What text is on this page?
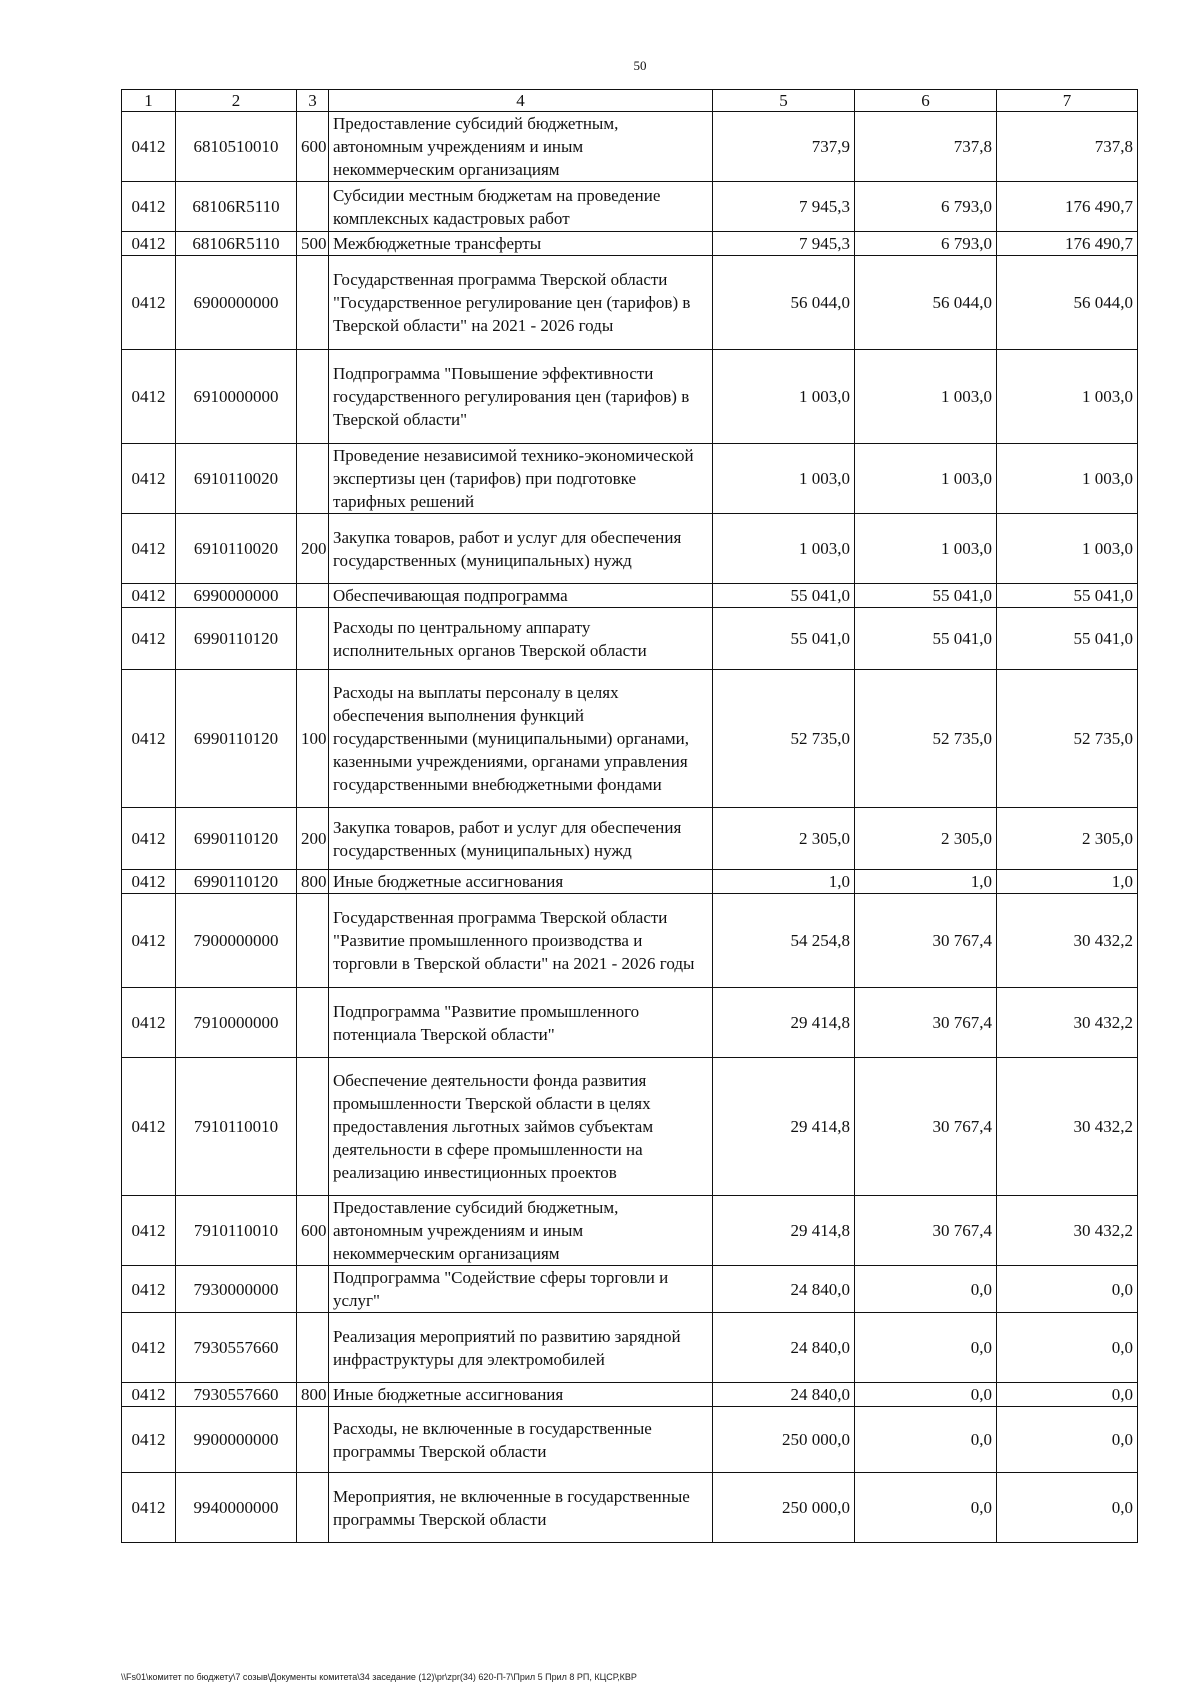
50
1	2	3	4	5	6	7
0412	6810510010	600	Предоставление субсидий бюджетным, автономным учреждениям и иным некоммерческим организациям	737,9	737,8	737,8
0412	68106R5110		Субсидии местным бюджетам на проведение комплексных кадастровых работ	7 945,3	6 793,0	176 490,7
0412	68106R5110	500	Межбюджетные трансферты	7 945,3	6 793,0	176 490,7
0412	6900000000		Государственная программа Тверской области "Государственное регулирование цен (тарифов) в Тверской области" на 2021 - 2026 годы	56 044,0	56 044,0	56 044,0
0412	6910000000		Подпрограмма "Повышение эффективности государственного регулирования цен (тарифов) в Тверской области"	1 003,0	1 003,0	1 003,0
0412	6910110020		Проведение независимой технико-экономической экспертизы цен (тарифов) при подготовке тарифных решений	1 003,0	1 003,0	1 003,0
0412	6910110020	200	Закупка товаров, работ и услуг для обеспечения государственных (муниципальных) нужд	1 003,0	1 003,0	1 003,0
0412	6990000000		Обеспечивающая подпрограмма	55 041,0	55 041,0	55 041,0
0412	6990110120		Расходы по центральному аппарату исполнительных органов Тверской области	55 041,0	55 041,0	55 041,0
0412	6990110120	100	Расходы на выплаты персоналу в целях обеспечения выполнения функций государственными (муниципальными) органами, казенными учреждениями, органами управления государственными внебюджетными фондами	52 735,0	52 735,0	52 735,0
0412	6990110120	200	Закупка товаров, работ и услуг для обеспечения государственных (муниципальных) нужд	2 305,0	2 305,0	2 305,0
0412	6990110120	800	Иные бюджетные ассигнования	1,0	1,0	1,0
0412	7900000000		Государственная программа Тверской области "Развитие промышленного производства и торговли в Тверской области" на 2021 - 2026 годы	54 254,8	30 767,4	30 432,2
0412	7910000000		Подпрограмма "Развитие промышленного потенциала Тверской области"	29 414,8	30 767,4	30 432,2
0412	7910110010		Обеспечение деятельности фонда развития промышленности Тверской области в целях предоставления льготных займов субъектам деятельности в сфере промышленности на реализацию инвестиционных проектов	29 414,8	30 767,4	30 432,2
0412	7910110010	600	Предоставление субсидий бюджетным, автономным учреждениям и иным некоммерческим организациям	29 414,8	30 767,4	30 432,2
0412	7930000000		Подпрограмма "Содействие сферы торговли и услуг"	24 840,0	0,0	0,0
0412	7930557660		Реализация мероприятий по развитию зарядной инфраструктуры для электромобилей	24 840,0	0,0	0,0
0412	7930557660	800	Иные бюджетные ассигнования	24 840,0	0,0	0,0
0412	9900000000		Расходы, не включенные в государственные программы Тверской области	250 000,0	0,0	0,0
0412	9940000000		Мероприятия, не включенные в государственные программы Тверской области	250 000,0	0,0	0,0
\\Fs01\комитет по бюджету\7 созыв\Документы комитета\34 заседание (12)\pr\zpr(34) 620-П-7\Прил 5 Прил 8 РП, КЦСР,КВР
